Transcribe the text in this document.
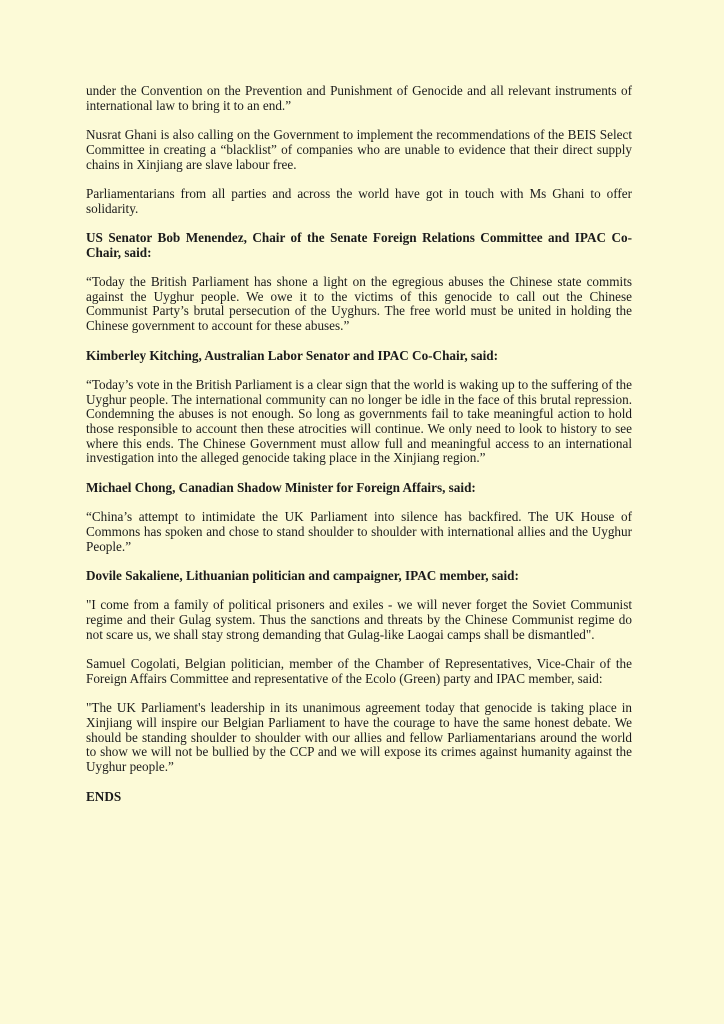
under the Convention on the Prevention and Punishment of Genocide and all relevant instruments of international law to bring it to an end.”

Nusrat Ghani is also calling on the Government to implement the recommendations of the BEIS Select Committee in creating a “blacklist” of companies who are unable to evidence that their direct supply chains in Xinjiang are slave labour free.

Parliamentarians from all parties and across the world have got in touch with Ms Ghani to offer solidarity.

US Senator Bob Menendez, Chair of the Senate Foreign Relations Committee and IPAC Co-Chair, said:

“Today the British Parliament has shone a light on the egregious abuses the Chinese state commits against the Uyghur people. We owe it to the victims of this genocide to call out the Chinese Communist Party’s brutal persecution of the Uyghurs. The free world must be united in holding the Chinese government to account for these abuses.”

Kimberley Kitching, Australian Labor Senator and IPAC Co-Chair, said:

“Today’s vote in the British Parliament is a clear sign that the world is waking up to the suffering of the Uyghur people. The international community can no longer be idle in the face of this brutal repression. Condemning the abuses is not enough. So long as governments fail to take meaningful action to hold those responsible to account then these atrocities will continue. We only need to look to history to see where this ends. The Chinese Government must allow full and meaningful access to an international investigation into the alleged genocide taking place in the Xinjiang region.”

Michael Chong, Canadian Shadow Minister for Foreign Affairs, said:

“China’s attempt to intimidate the UK Parliament into silence has backfired. The UK House of Commons has spoken and chose to stand shoulder to shoulder with international allies and the Uyghur People.”

Dovile Sakaliene, Lithuanian politician and campaigner, IPAC member, said:

"I come from a family of political prisoners and exiles - we will never forget the Soviet Communist regime and their Gulag system. Thus the sanctions and threats by the Chinese Communist regime do not scare us, we shall stay strong demanding that Gulag-like Laogai camps shall be dismantled".

Samuel Cogolati, Belgian politician, member of the Chamber of Representatives, Vice-Chair of the Foreign Affairs Committee and representative of the Ecolo (Green) party and IPAC member, said:

"The UK Parliament's leadership in its unanimous agreement today that genocide is taking place in Xinjiang will inspire our Belgian Parliament to have the courage to have the same honest debate. We should be standing shoulder to shoulder with our allies and fellow Parliamentarians around the world to show we will not be bullied by the CCP and we will expose its crimes against humanity against the Uyghur people.”

ENDS
